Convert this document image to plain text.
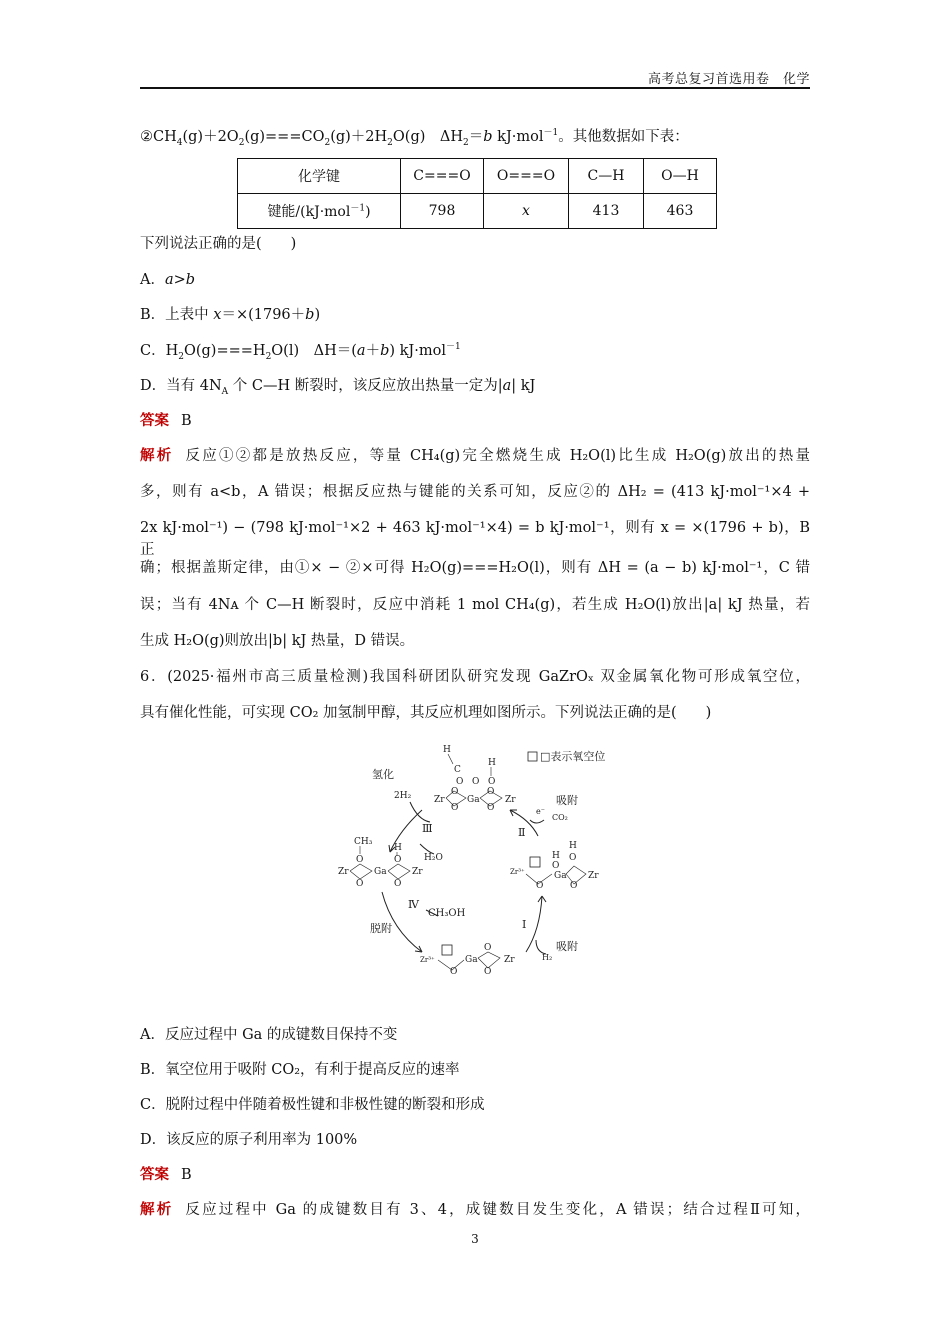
高考总复习首选用卷　化学
$②CH_4(g)+2O_2(g)===CO_2(g)+2H_2O(g)$　$\Delta H_2=b$ kJ·mol$^{-1}$。其他数据如下表：
化学键	C===O	O===O	C—H	O—H
键能/(kJ·mol$^{-1}$)	798	x	413	463
下列说法正确的是(　　)
A．a>b
B．上表中 x＝×(1796＋b)
C．$H_2O(g)===H_2O(l)$　ΔH＝(a＋b) kJ·mol$^{-1}$
D．当有 $4N_A$ 个 C—H 断裂时，该反应放出热量一定为|a| kJ
答案 B
解析 反应①②都是放热反应，等量 CH₄(g)完全燃烧生成 H₂O(l)比生成 H₂O(g)放出的热量
多，则有 a<b，A 错误；根据反应热与键能的关系可知，反应②的 ΔH₂ = (413 kJ·mol⁻¹×4 +
2x kJ·mol⁻¹) − (798 kJ·mol⁻¹×2 + 463 kJ·mol⁻¹×4) = b kJ·mol⁻¹，则有 x = ×(1796 + b)，B 正
确；根据盖斯定律，由①× − ②×可得 H₂O(g)===H₂O(l)，则有 ΔH = (a − b) kJ·mol⁻¹，C 错
误；当有 4Nᴀ 个 C—H 断裂时，反应中消耗 1 mol CH₄(g)，若生成 H₂O(l)放出|a| kJ 热量，若
生成 H₂O(g)则放出|b| kJ 热量，D 错误。
6．(2025·福州市高三质量检测)我国科研团队研究发现 GaZrOₓ 双金属氧化物可形成氧空位，
具有催化性能，可实现 CO₂ 加氢制甲醇，其反应机理如图所示。下列说法正确的是(　　)
□表示氧空位
H
C
O O
H
O
Zr
O
Ga
O
O
O
Zr
氢化
2H₂
Ⅲ
H₂O
吸附
e⁻
CO₂
Ⅱ
CH₃
O
H
O
Zr
O
Ga
O
Zr	Zr³⁺
H
O
H
O
Ga
O	O
Zr
Ⅳ
CH₃OH
脱附	Ⅰ
吸附
H₂
Zr³⁺	Ga
O
O
O
Zr
A．反应过程中 Ga 的成键数目保持不变
B．氧空位用于吸附 CO₂，有利于提高反应的速率
C．脱附过程中伴随着极性键和非极性键的断裂和形成
D．该反应的原子利用率为 100%
答案 B
解析 反应过程中 Ga 的成键数目有 3、4，成键数目发生变化，A 错误；结合过程Ⅱ可知，
3
